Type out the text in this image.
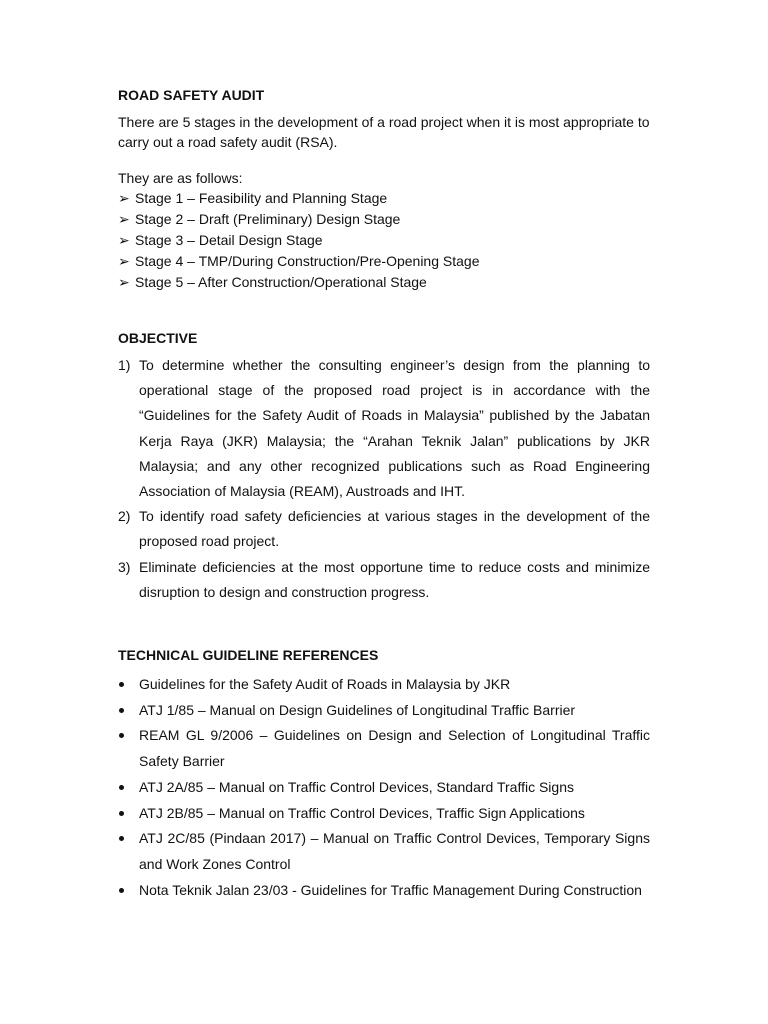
ROAD SAFETY AUDIT

There are 5 stages in the development of a road project when it is most appropriate to carry out a road safety audit (RSA).

They are as follows:

➢ Stage 1 – Feasibility and Planning Stage
➢ Stage 2 – Draft (Preliminary) Design Stage
➢ Stage 3 – Detail Design Stage
➢ Stage 4 – TMP/During Construction/Pre-Opening Stage
➢ Stage 5 – After Construction/Operational Stage
OBJECTIVE
1) To determine whether the consulting engineer’s design from the planning to operational stage of the proposed road project is in accordance with the “Guidelines for the Safety Audit of Roads in Malaysia” published by the Jabatan Kerja Raya (JKR) Malaysia; the “Arahan Teknik Jalan” publications by JKR Malaysia; and any other recognized publications such as Road Engineering Association of Malaysia (REAM), Austroads and IHT.
2) To identify road safety deficiencies at various stages in the development of the proposed road project.
3) Eliminate deficiencies at the most opportune time to reduce costs and minimize disruption to design and construction progress.
TECHNICAL GUIDELINE REFERENCES
Guidelines for the Safety Audit of Roads in Malaysia by JKR
ATJ 1/85 – Manual on Design Guidelines of Longitudinal Traffic Barrier
REAM GL 9/2006 – Guidelines on Design and Selection of Longitudinal Traffic Safety Barrier
ATJ 2A/85 – Manual on Traffic Control Devices, Standard Traffic Signs
ATJ 2B/85 – Manual on Traffic Control Devices, Traffic Sign Applications
ATJ 2C/85 (Pindaan 2017) – Manual on Traffic Control Devices, Temporary Signs and Work Zones Control
Nota Teknik Jalan 23/03 - Guidelines for Traffic Management During Construction
